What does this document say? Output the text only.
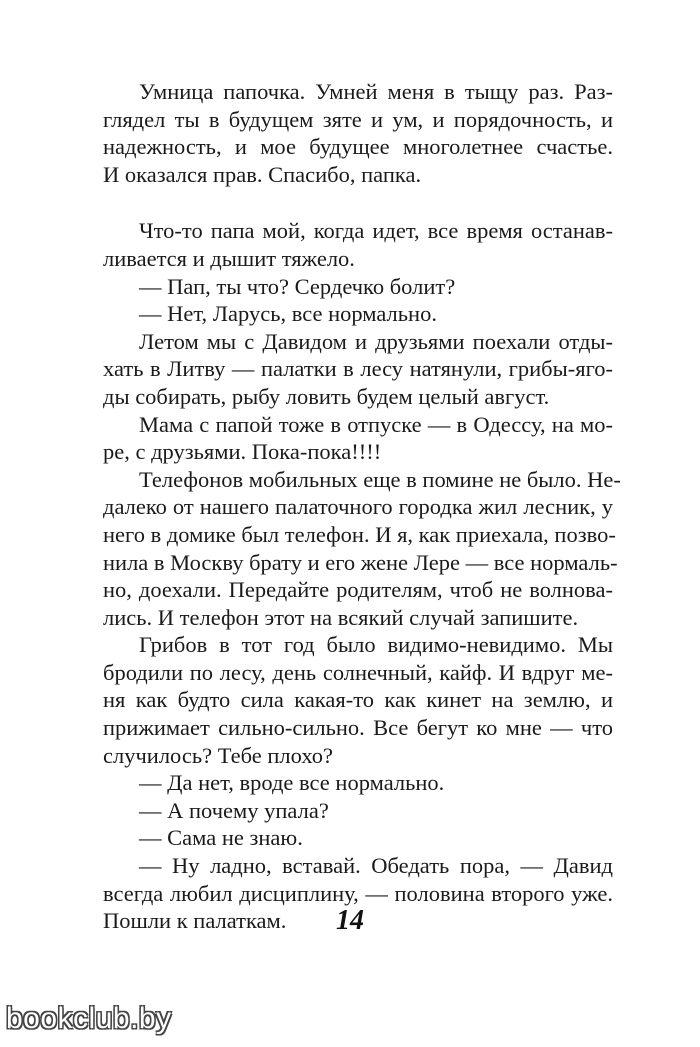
Умница папочка. Умней меня в тыщу раз. Раз-
глядел ты в будущем зяте и ум, и порядочность, и
надежность, и мое будущее многолетнее счастье.
И оказался прав. Спасибо, папка.
Что-то папа мой, когда идет, все время останав-
ливается и дышит тяжело.
— Пап, ты что? Сердечко болит?
— Нет, Ларусь, все нормально.
Летом мы с Давидом и друзьями поехали отды-
хать в Литву — палатки в лесу натянули, грибы-яго-
ды собирать, рыбу ловить будем целый август.
Мама с папой тоже в отпуске — в Одессу, на мо-
ре, с друзьями. Пока-пока!!!!
Телефонов мобильных еще в помине не было. Не-
далеко от нашего палаточного городка жил лесник, у
него в домике был телефон. И я, как приехала, позво-
нила в Москву брату и его жене Лере — все нормаль-
но, доехали. Передайте родителям, чтоб не волнова-
лись. И телефон этот на всякий случай запишите.
Грибов в тот год было видимо-невидимо. Мы
бродили по лесу, день солнечный, кайф. И вдруг ме-
ня как будто сила какая-то как кинет на землю, и
прижимает сильно-сильно. Все бегут ко мне — что
случилось? Тебе плохо?
— Да нет, вроде все нормально.
— А почему упала?
— Сама не знаю.
— Ну ладно, вставай. Обедать пора, — Давид
всегда любил дисциплину, — половина второго уже.
Пошли к палаткам.	14
bookclub.by
